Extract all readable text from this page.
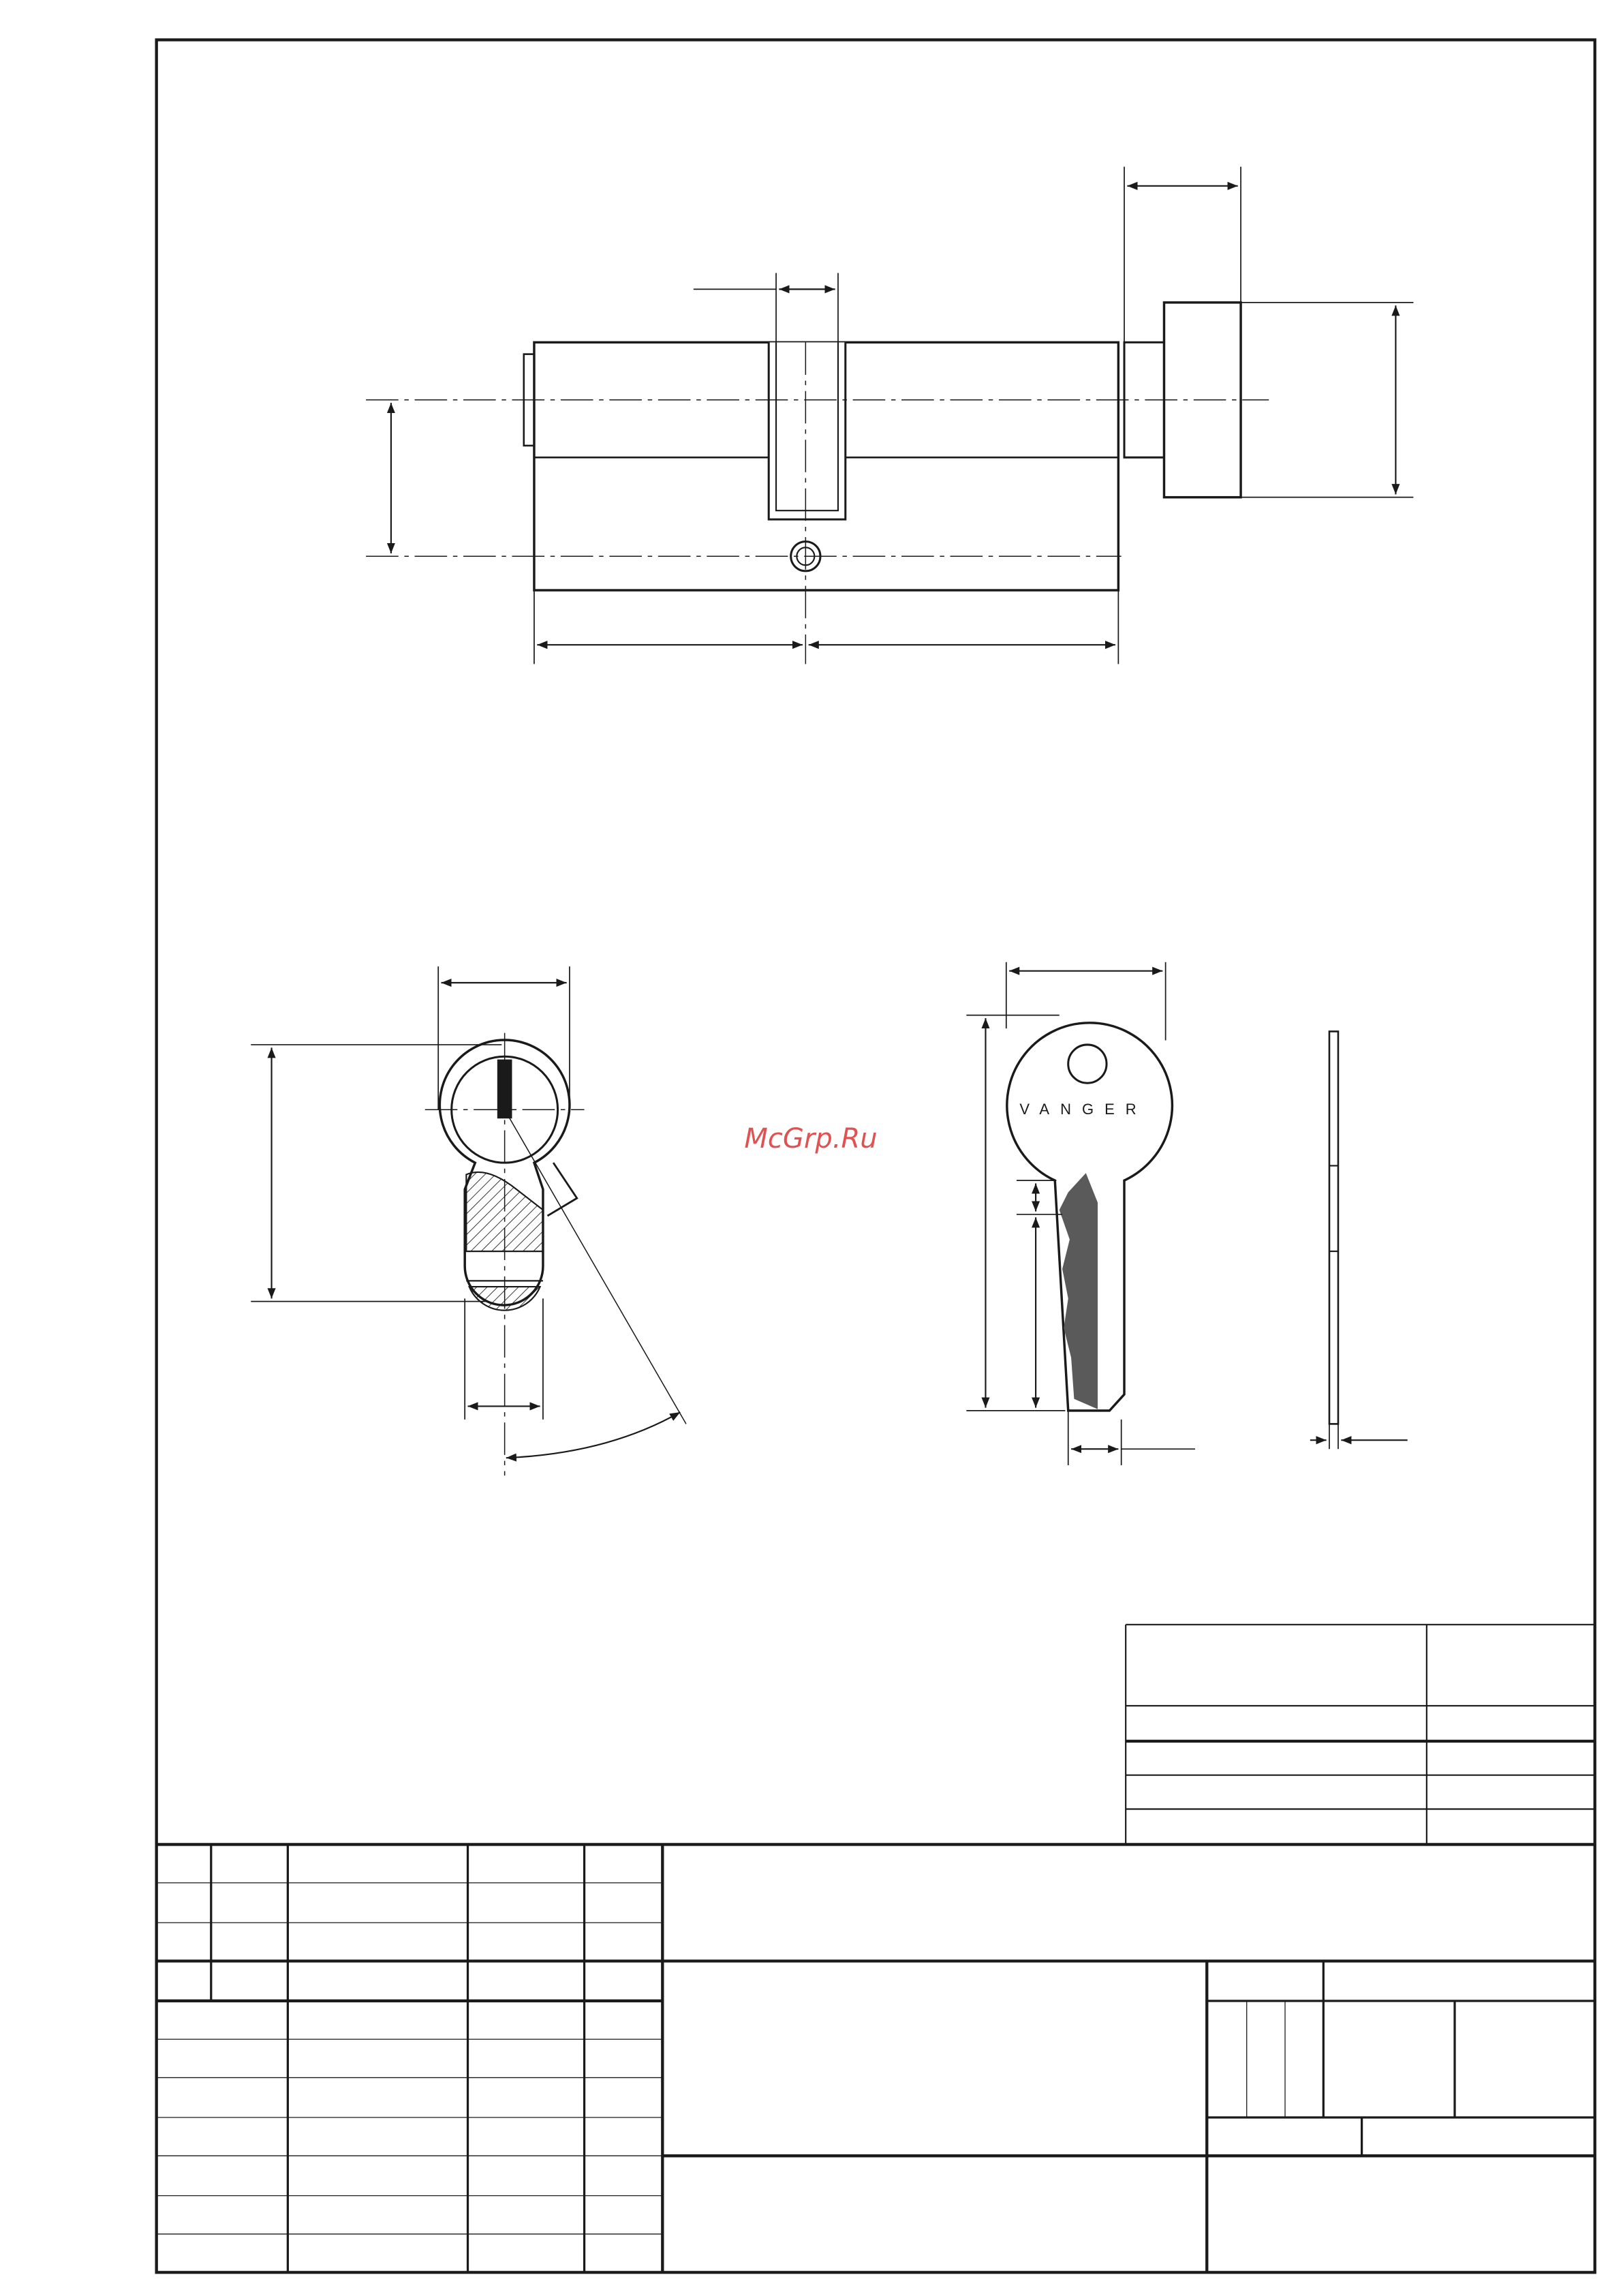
VANGER
McGrp.Ru
